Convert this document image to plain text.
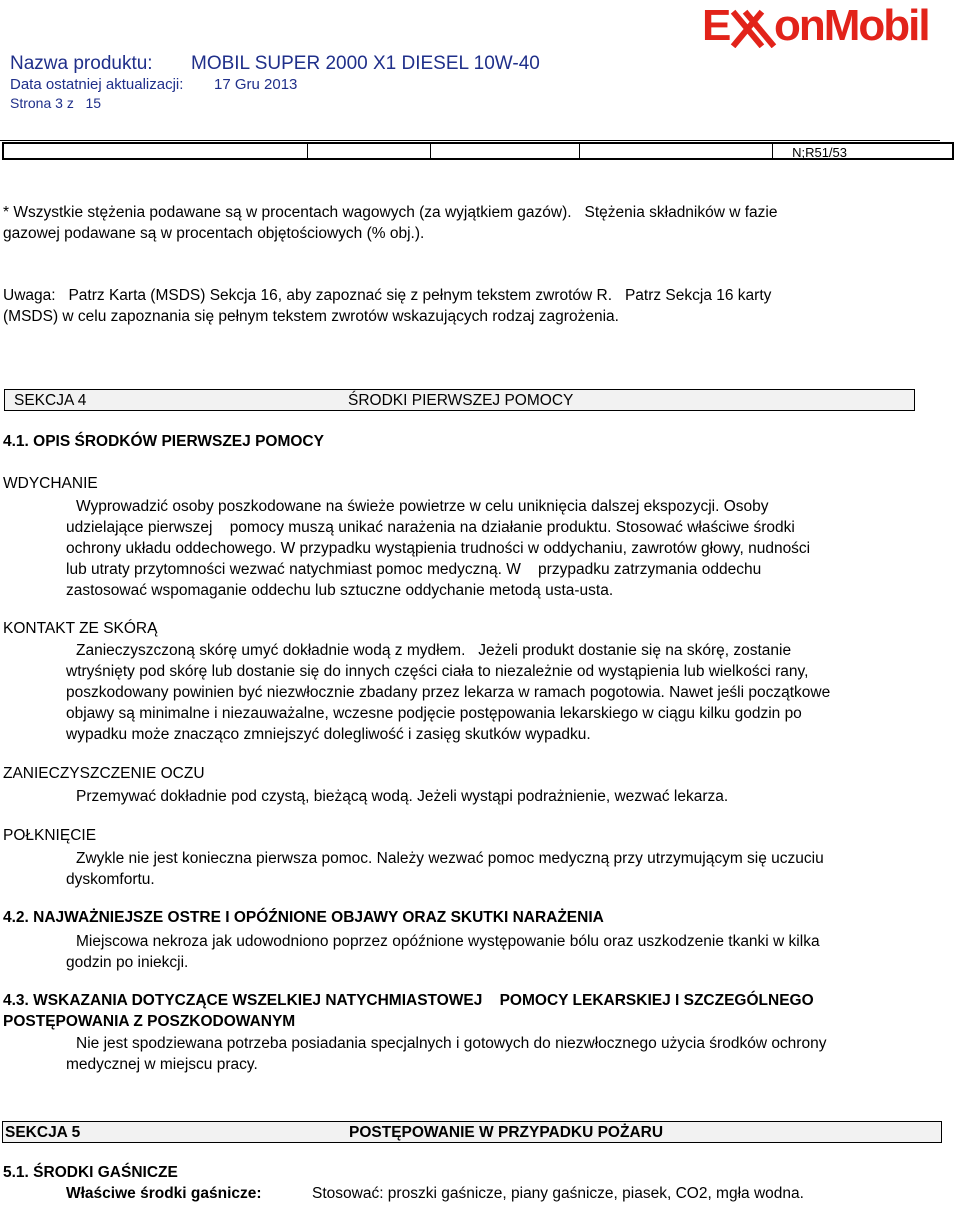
Nazwa produktu: MOBIL SUPER 2000 X1 DIESEL 10W-40
Data ostatniej aktualizacji: 17 Gru 2013
Strona 3 z   15
E onMobil
N;R51/53
* Wszystkie stężenia podawane są w procentach wagowych (za wyjątkiem gazów).   Stężenia składników w fazie
gazowej podawane są w procentach objętościowych (% obj.).
Uwaga:   Patrz Karta (MSDS) Sekcja 16, aby zapoznać się z pełnym tekstem zwrotów R.   Patrz Sekcja 16 karty
(MSDS) w celu zapoznania się pełnym tekstem zwrotów wskazujących rodzaj zagrożenia.
SEKCJA 4	ŚRODKI PIERWSZEJ POMOCY
4.1. OPIS ŚRODKÓW PIERWSZEJ POMOCY
WDYCHANIE
Wyprowadzić osoby poszkodowane na świeże powietrze w celu uniknięcia dalszej ekspozycji. Osoby
udzielające pierwszej    pomocy muszą unikać narażenia na działanie produktu. Stosować właściwe środki
ochrony układu oddechowego. W przypadku wystąpienia trudności w oddychaniu, zawrotów głowy, nudności
lub utraty przytomności wezwać natychmiast pomoc medyczną. W    przypadku zatrzymania oddechu
zastosować wspomaganie oddechu lub sztuczne oddychanie metodą usta-usta.
KONTAKT ZE SKÓRĄ
Zanieczyszczoną skórę umyć dokładnie wodą z mydłem.   Jeżeli produkt dostanie się na skórę, zostanie
wtryśnięty pod skórę lub dostanie się do innych części ciała to niezależnie od wystąpienia lub wielkości rany,
poszkodowany powinien być niezwłocznie zbadany przez lekarza w ramach pogotowia. Nawet jeśli początkowe
objawy są minimalne i niezauważalne, wczesne podjęcie postępowania lekarskiego w ciągu kilku godzin po
wypadku może znacząco zmniejszyć dolegliwość i zasięg skutków wypadku.
ZANIECZYSZCZENIE OCZU
Przemywać dokładnie pod czystą, bieżącą wodą. Jeżeli wystąpi podrażnienie, wezwać lekarza.
POŁKNIĘCIE
Zwykle nie jest konieczna pierwsza pomoc. Należy wezwać pomoc medyczną przy utrzymującym się uczuciu
dyskomfortu.
4.2. NAJWAŻNIEJSZE OSTRE I OPÓŹNIONE OBJAWY ORAZ SKUTKI NARAŻENIA
Miejscowa nekroza jak udowodniono poprzez opóźnione występowanie bólu oraz uszkodzenie tkanki w kilka
godzin po iniekcji.
4.3. WSKAZANIA DOTYCZĄCE WSZELKIEJ NATYCHMIASTOWEJ    POMOCY LEKARSKIEJ I SZCZEGÓLNEGO
POSTĘPOWANIA Z POSZKODOWANYM
Nie jest spodziewana potrzeba posiadania specjalnych i gotowych do niezwłocznego użycia środków ochrony
medycznej w miejscu pracy.
SEKCJA 5	POSTĘPOWANIE W PRZYPADKU POŻARU
5.1. ŚRODKI GAŚNICZE
Właściwe środki gaśnicze:	Stosować: proszki gaśnicze, piany gaśnicze, piasek, CO2, mgła wodna.
